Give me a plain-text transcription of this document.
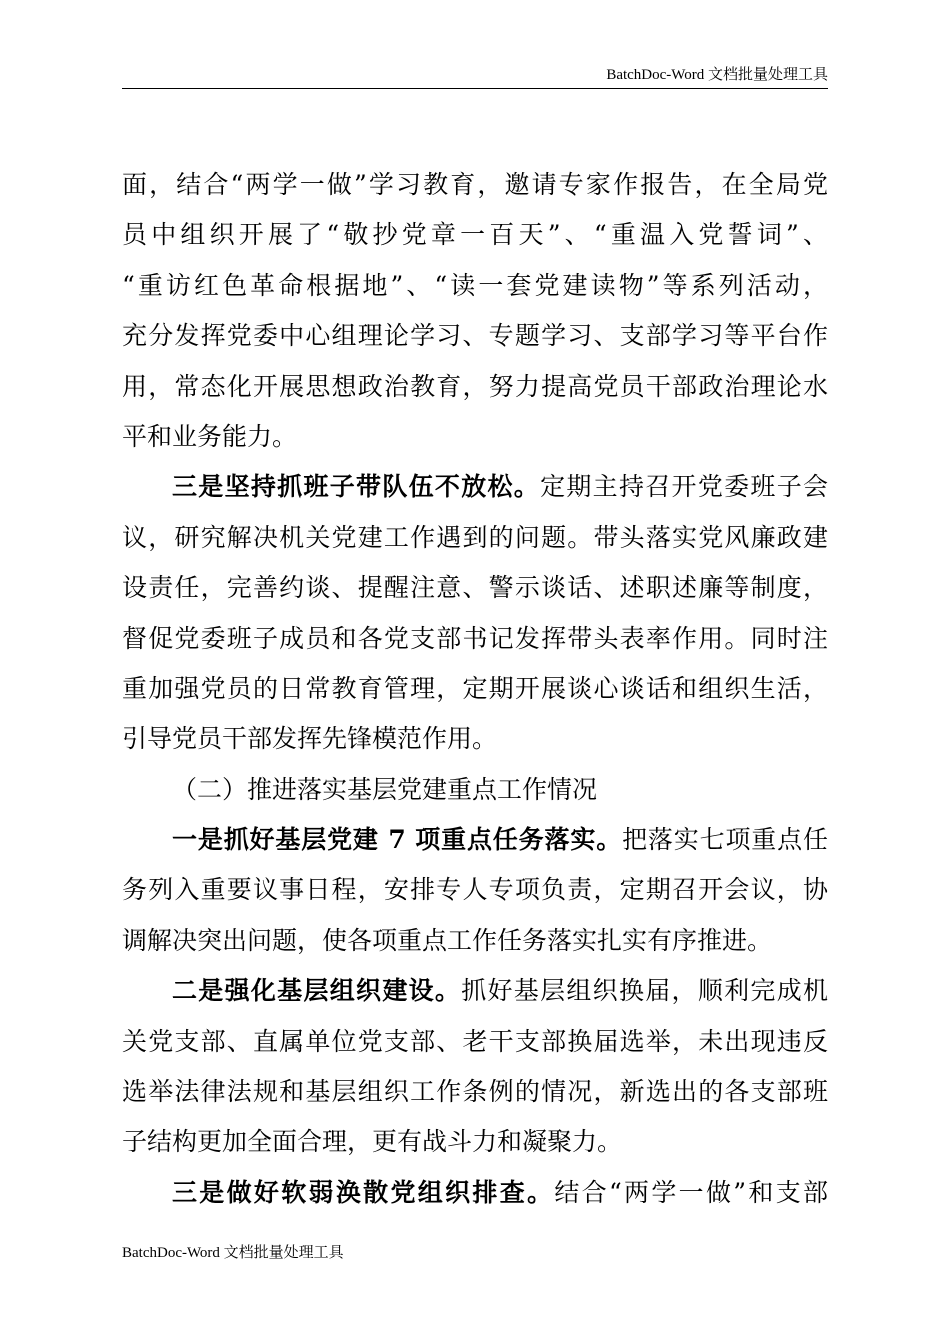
BatchDoc-Word 文档批量处理工具
面，结合“两学一做”学习教育，邀请专家作报告，在全局党
员中组织开展了“敬抄党章一百天”、“重温入党誓词”、
“重访红色革命根据地”、“读一套党建读物”等系列活动，
充分发挥党委中心组理论学习、专题学习、支部学习等平台作
用，常态化开展思想政治教育，努力提高党员干部政治理论水
平和业务能力。
三是坚持抓班子带队伍不放松。定期主持召开党委班子会
议，研究解决机关党建工作遇到的问题。带头落实党风廉政建
设责任，完善约谈、提醒注意、警示谈话、述职述廉等制度，
督促党委班子成员和各党支部书记发挥带头表率作用。同时注
重加强党员的日常教育管理，定期开展谈心谈话和组织生活，
引导党员干部发挥先锋模范作用。
（二）推进落实基层党建重点工作情况
一是抓好基层党建 7 项重点任务落实。把落实七项重点任
务列入重要议事日程，安排专人专项负责，定期召开会议，协
调解决突出问题，使各项重点工作任务落实扎实有序推进。
二是强化基层组织建设。抓好基层组织换届，顺利完成机
关党支部、直属单位党支部、老干支部换届选举，未出现违反
选举法律法规和基层组织工作条例的情况，新选出的各支部班
子结构更加全面合理，更有战斗力和凝聚力。
三是做好软弱涣散党组织排查。结合“两学一做”和支部
BatchDoc-Word 文档批量处理工具
